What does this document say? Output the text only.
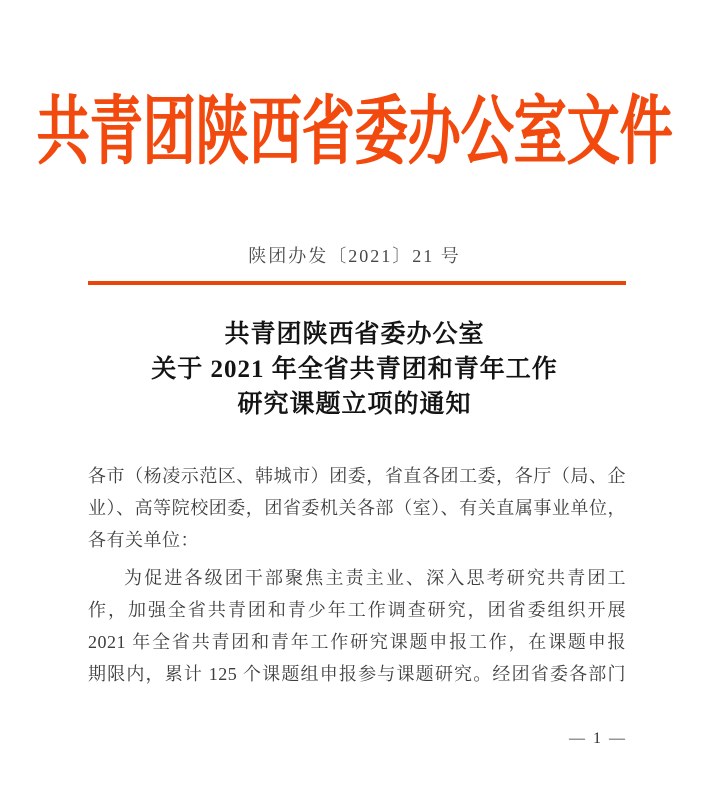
共青团陕西省委办公室文件
陕团办发〔2021〕21 号
共青团陕西省委办公室
关于 2021 年全省共青团和青年工作
研究课题立项的通知
各市（杨凌示范区、韩城市）团委，省直各团工委，各厅（局、企
业）、高等院校团委，团省委机关各部（室）、有关直属事业单位，
各有关单位：
为促进各级团干部聚焦主责主业、深入思考研究共青团工
作，加强全省共青团和青少年工作调查研究，团省委组织开展
2021 年全省共青团和青年工作研究课题申报工作，在课题申报
期限内，累计 125 个课题组申报参与课题研究。经团省委各部门
— 1 —
